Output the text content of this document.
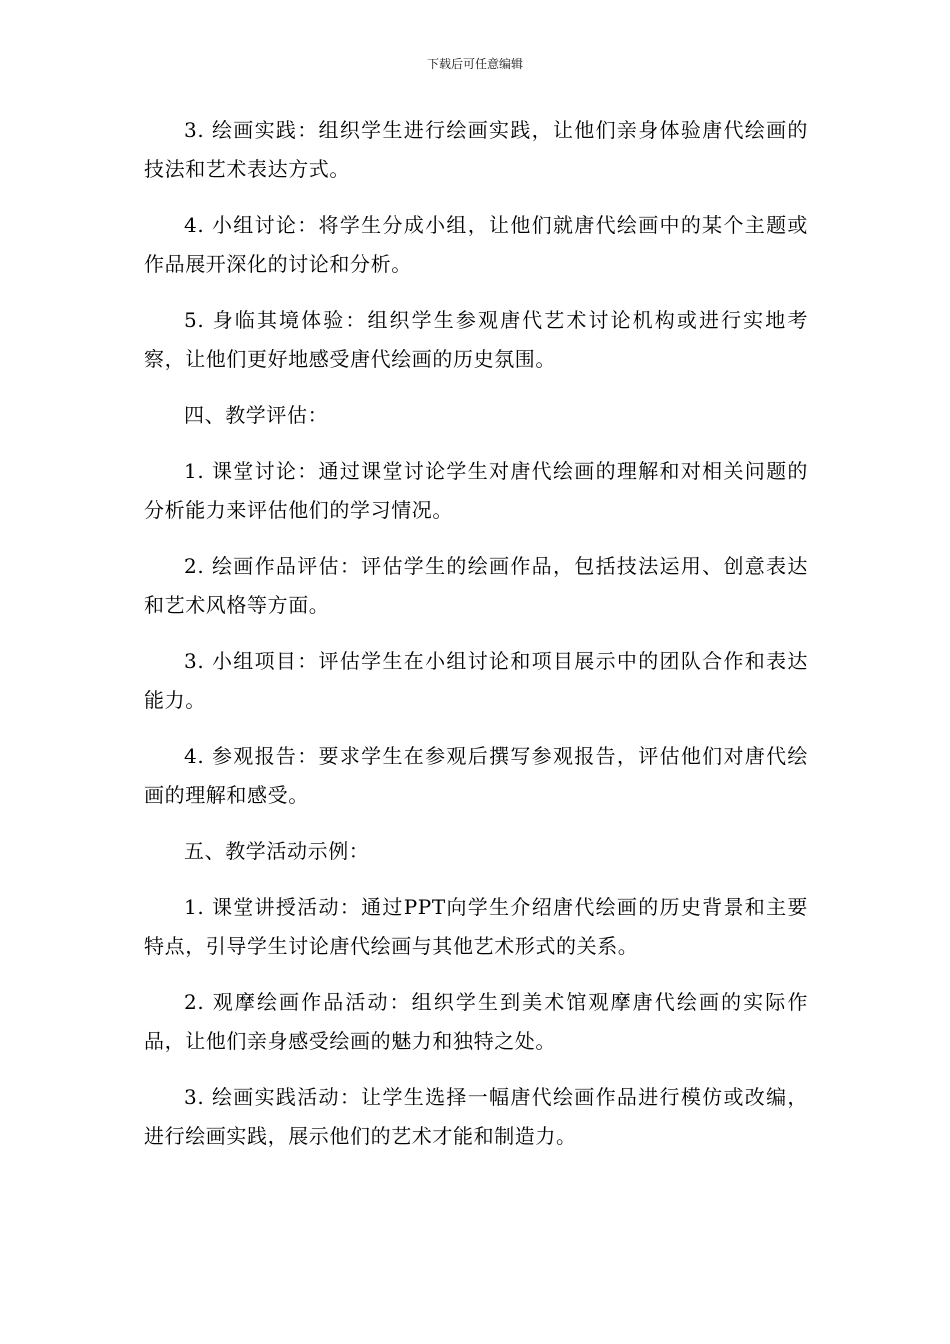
下载后可任意编辑

3. 绘画实践：组织学生进行绘画实践，让他们亲身体验唐代绘画的技法和艺术表达方式。

4. 小组讨论：将学生分成小组，让他们就唐代绘画中的某个主题或作品展开深化的讨论和分析。

5. 身临其境体验：组织学生参观唐代艺术讨论机构或进行实地考察，让他们更好地感受唐代绘画的历史氛围。

四、教学评估：

1. 课堂讨论：通过课堂讨论学生对唐代绘画的理解和对相关问题的分析能力来评估他们的学习情况。

2. 绘画作品评估：评估学生的绘画作品，包括技法运用、创意表达和艺术风格等方面。

3. 小组项目：评估学生在小组讨论和项目展示中的团队合作和表达能力。

4. 参观报告：要求学生在参观后撰写参观报告，评估他们对唐代绘画的理解和感受。

五、教学活动示例：

1. 课堂讲授活动：通过PPT向学生介绍唐代绘画的历史背景和主要特点，引导学生讨论唐代绘画与其他艺术形式的关系。

2. 观摩绘画作品活动：组织学生到美术馆观摩唐代绘画的实际作品，让他们亲身感受绘画的魅力和独特之处。

3. 绘画实践活动：让学生选择一幅唐代绘画作品进行模仿或改编，进行绘画实践，展示他们的艺术才能和制造力。
